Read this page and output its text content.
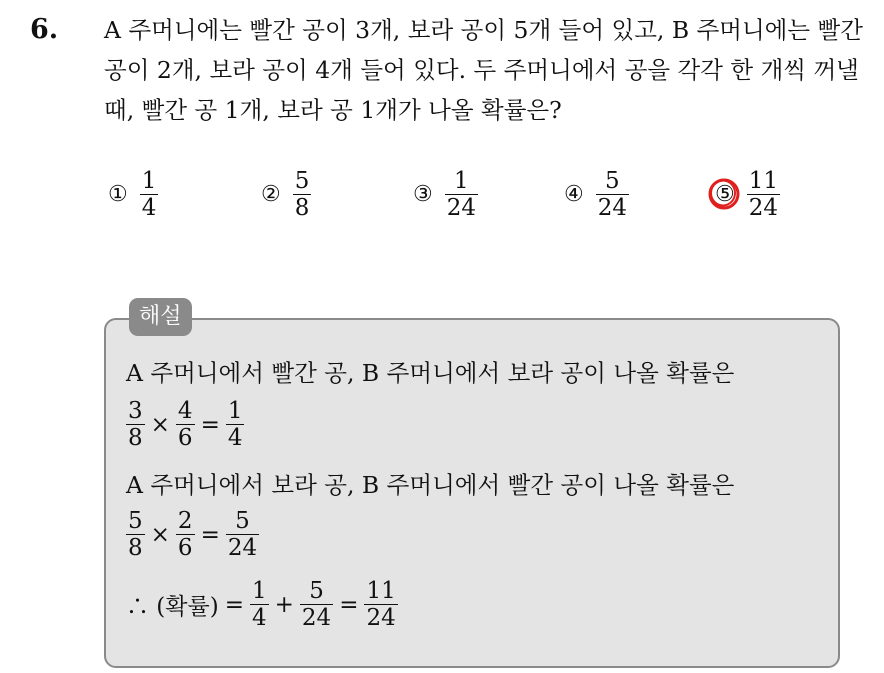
6. A 주머니에는 빨간 공이 3개, 보라 공이 5개 들어 있고, B 주머니에는 빨간 공이 2개, 보라 공이 4개 들어 있다. 두 주머니에서 공을 각각 한 개씩 꺼낼 때, 빨간 공 1개, 보라 공 1개가 나올 확률은?
① $\frac{1}{4}$	② $\frac{5}{8}$	③ $\frac{1}{24}$	④ $\frac{5}{24}$	⑤ $\frac{11}{24}$
해설
A 주머니에서 빨간 공, B 주머니에서 보라 공이 나올 확률은
$\frac{3}{8} \times \frac{4}{6} = \frac{1}{4}$
A 주머니에서 보라 공, B 주머니에서 빨간 공이 나올 확률은
$\frac{5}{8} \times \frac{2}{6} = \frac{5}{24}$
∴ (확률) = $\frac{1}{4} + \frac{5}{24} = \frac{11}{24}$
